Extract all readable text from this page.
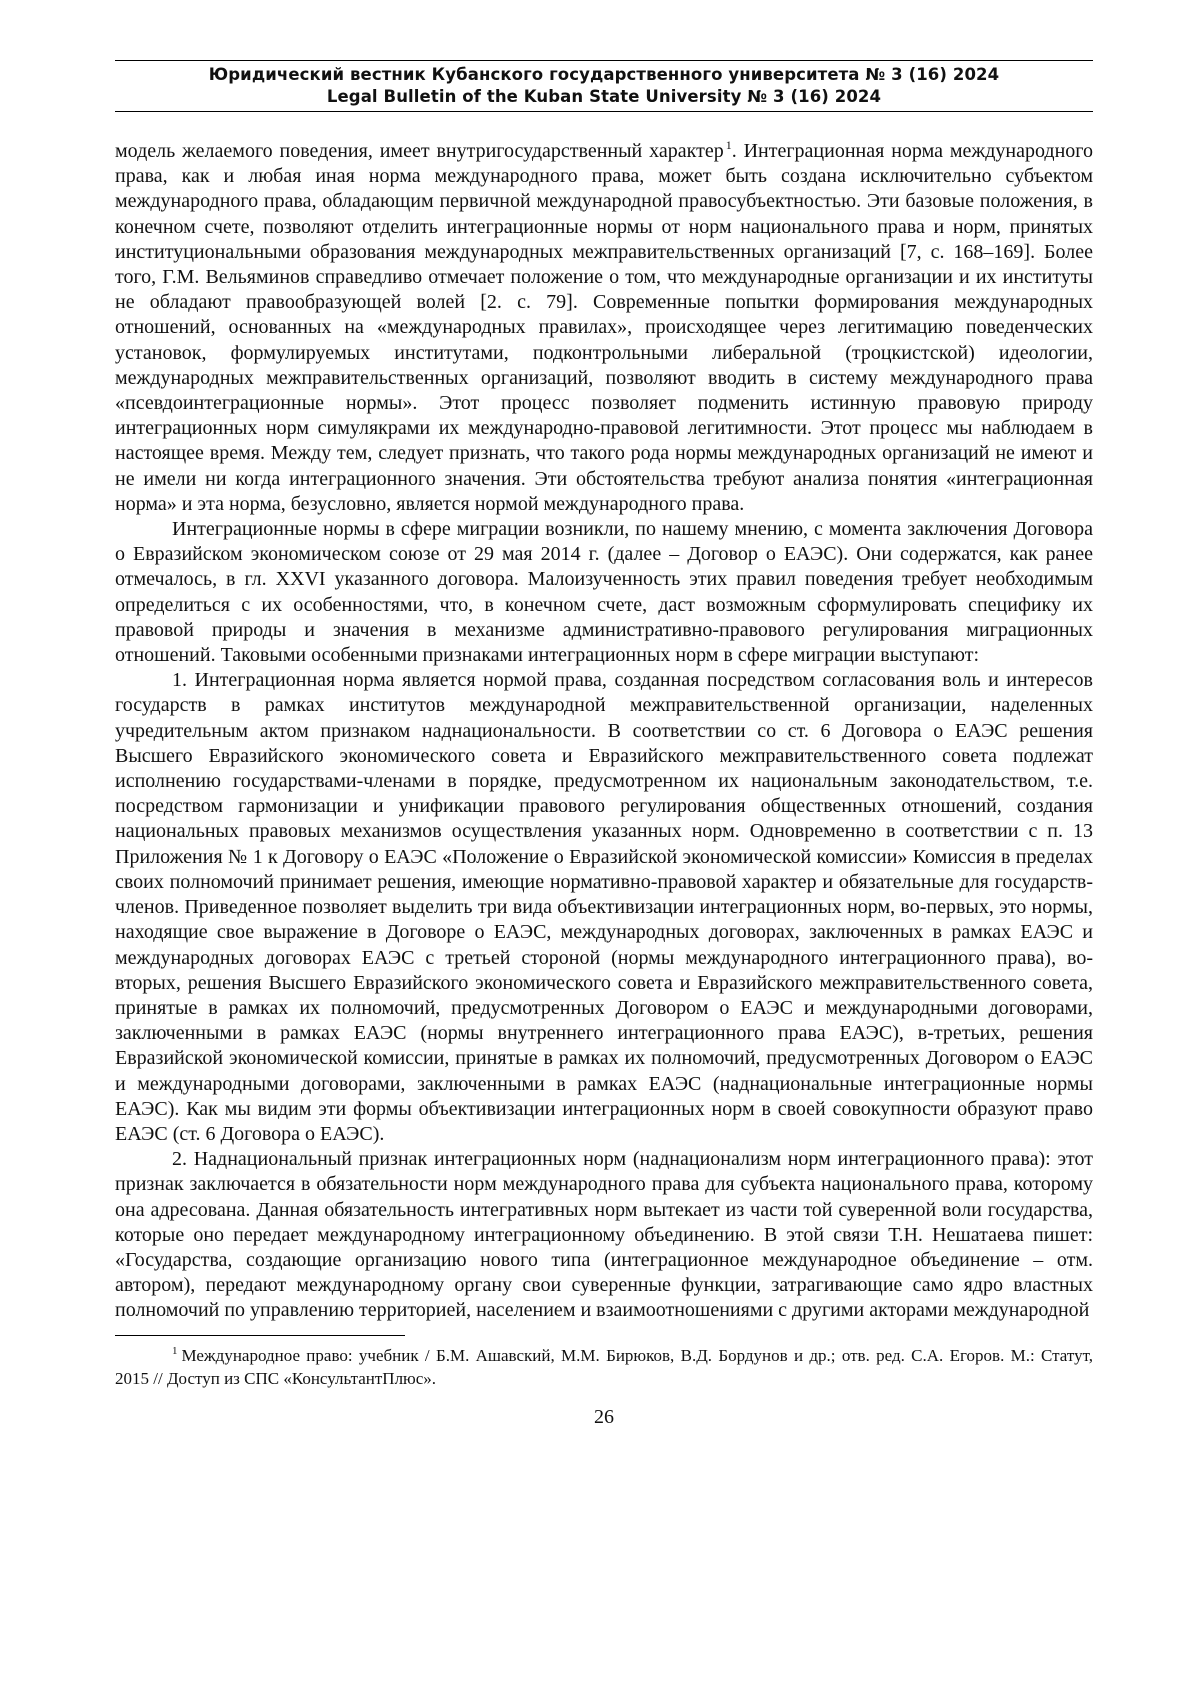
Юридический вестник Кубанского государственного университета № 3 (16) 2024
Legal Bulletin of the Kuban State University № 3 (16) 2024

модель желаемого поведения, имеет внутригосударственный характер $^1$. Интеграционная норма международного права, как и любая иная норма международного права, может быть создана исключительно субъектом международного права, обладающим первичной международной правосубъектностью. Эти базовые положения, в конечном счете, позволяют отделить интеграционные нормы от норм национального права и норм, принятых институциональными образования международных межправительственных организаций [7, с. 168–169]. Более того, Г.М. Вельяминов справедливо отмечает положение о том, что международные организации и их институты не обладают правообразующей волей [2. с. 79]. Современные попытки формирования международных отношений, основанных на «международных правилах», происходящее через легитимацию поведенческих установок, формулируемых институтами, подконтрольными либеральной (троцкистской) идеологии, международных межправительственных организаций, позволяют вводить в систему международного права «псевдоинтеграционные нормы». Этот процесс позволяет подменить истинную правовую природу интеграционных норм симулякрами их международно-правовой легитимности. Этот процесс мы наблюдаем в настоящее время. Между тем, следует признать, что такого рода нормы международных организаций не имеют и не имели ни когда интеграционного значения. Эти обстоятельства требуют анализа понятия «интеграционная норма» и эта норма, безусловно, является нормой международного права.

Интеграционные нормы в сфере миграции возникли, по нашему мнению, с момента заключения Договора о Евразийском экономическом союзе от 29 мая 2014 г. (далее – Договор о ЕАЭС). Они содержатся, как ранее отмечалось, в гл. XXVI указанного договора. Малоизученность этих правил поведения требует необходимым определиться с их особенностями, что, в конечном счете, даст возможным сформулировать специфику их правовой природы и значения в механизме административно-правового регулирования миграционных отношений. Таковыми особенными признаками интеграционных норм в сфере миграции выступают:

1. Интеграционная норма является нормой права, созданная посредством согласования воль и интересов государств в рамках институтов международной межправительственной организации, наделенных учредительным актом признаком наднациональности. В соответствии со ст. 6 Договора о ЕАЭС решения Высшего Евразийского экономического совета и Евразийского межправительственного совета подлежат исполнению государствами-членами в порядке, предусмотренном их национальным законодательством, т.е. посредством гармонизации и унификации правового регулирования общественных отношений, создания национальных правовых механизмов осуществления указанных норм. Одновременно в соответствии с п. 13 Приложения № 1 к Договору о ЕАЭС «Положение о Евразийской экономической комиссии» Комиссия в пределах своих полномочий принимает решения, имеющие нормативно-правовой характер и обязательные для государств-членов. Приведенное позволяет выделить три вида объективизации интеграционных норм, во-первых, это нормы, находящие свое выражение в Договоре о ЕАЭС, международных договорах, заключенных в рамках ЕАЭС и международных договорах ЕАЭС с третьей стороной (нормы международного интеграционного права), во-вторых, решения Высшего Евразийского экономического совета и Евразийского межправительственного совета, принятые в рамках их полномочий, предусмотренных Договором о ЕАЭС и международными договорами, заключенными в рамках ЕАЭС (нормы внутреннего интеграционного права ЕАЭС), в-третьих, решения Евразийской экономической комиссии, принятые в рамках их полномочий, предусмотренных Договором о ЕАЭС и международными договорами, заключенными в рамках ЕАЭС (наднациональные интеграционные нормы ЕАЭС). Как мы видим эти формы объективизации интеграционных норм в своей совокупности образуют право ЕАЭС (ст. 6 Договора о ЕАЭС).

2. Наднациональный признак интеграционных норм (наднационализм норм интеграционного права): этот признак заключается в обязательности норм международного права для субъекта национального права, которому она адресована. Данная обязательность интегративных норм вытекает из части той суверенной воли государства, которые оно передает международному интеграционному объединению. В этой связи Т.Н. Нешатаева пишет: «Государства, создающие организацию нового типа (интеграционное международное объединение – отм. автором), передают международному органу свои суверенные функции, затрагивающие само ядро властных полномочий по управлению территорией, населением и взаимоотношениями с другими акторами международной

$^1$ Международное право: учебник / Б.М. Ашавский, М.М. Бирюков, В.Д. Бордунов и др.; отв. ред. С.А. Егоров. М.: Статут, 2015 // Доступ из СПС «КонсультантПлюс».
26
